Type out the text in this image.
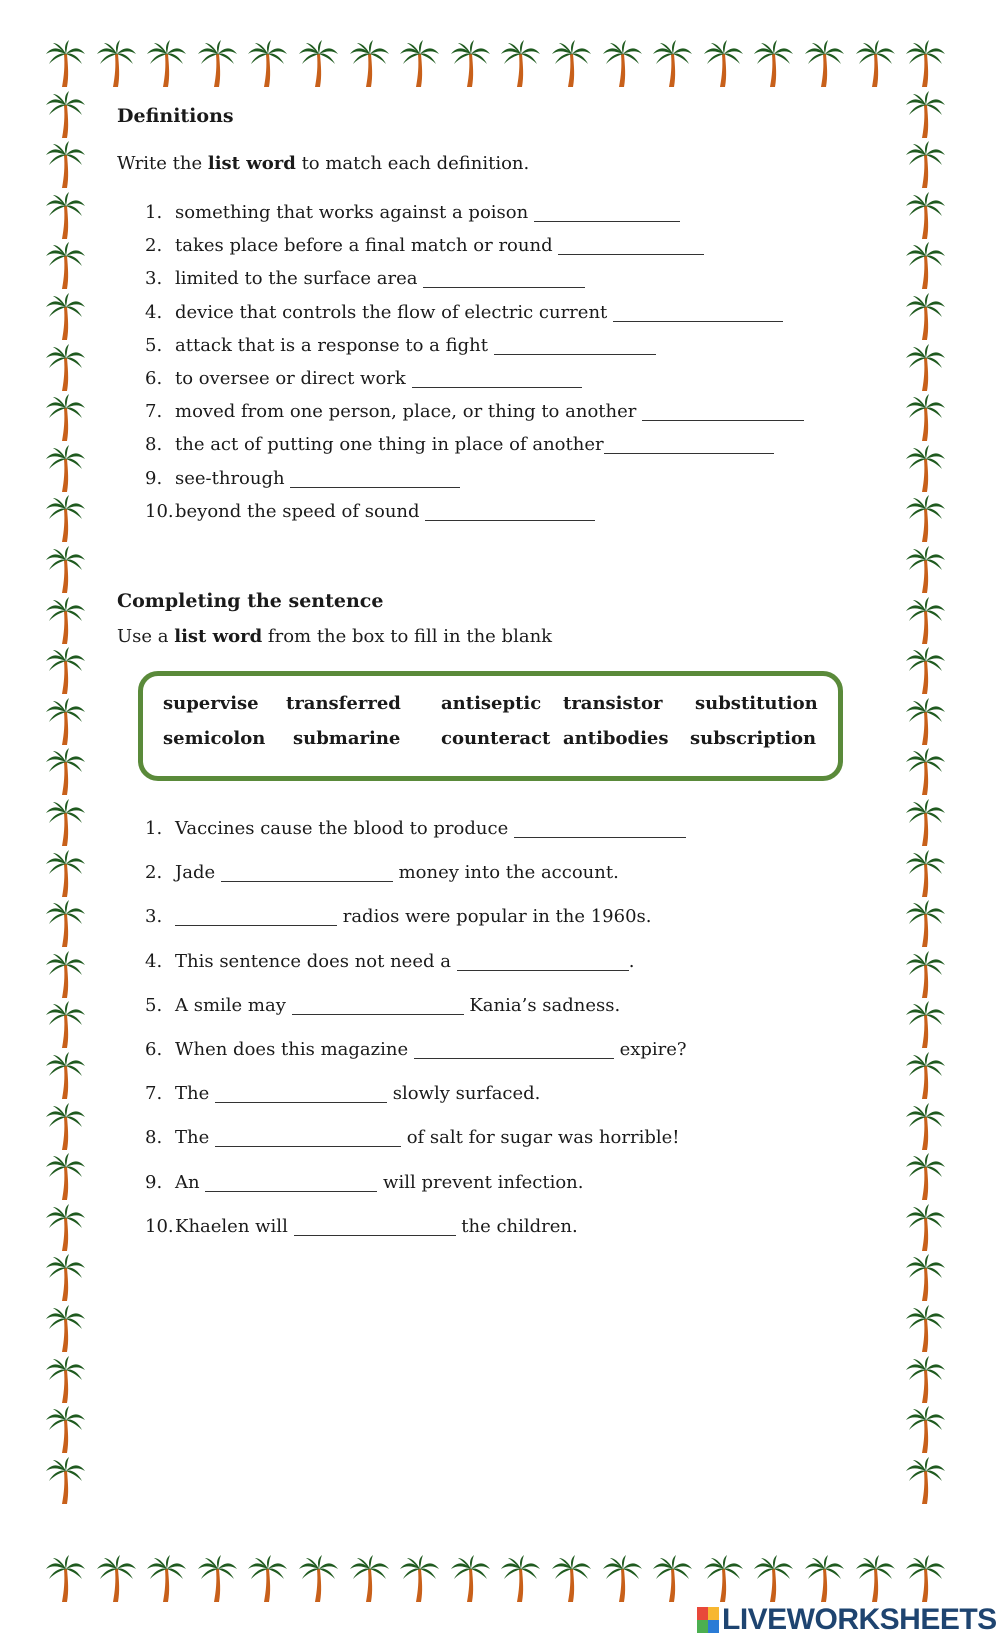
Definitions

Write the list word to match each definition.

1. something that works against a poison
2. takes place before a final match or round
3. limited to the surface area
4. device that controls the flow of electric current
5. attack that is a response to a fight
6. to oversee or direct work
7. moved from one person, place, or thing to another
8. the act of putting one thing in place of another
9. see-through
10. beyond the speed of sound
Completing the sentence

Use a list word from the box to fill in the blank

supervise transferred antiseptic transistor substitution
semicolon submarine counteract antibodies subscription
1. Vaccines cause the blood to produce
2. Jade	money into the account.
3.	radios were popular in the 1960s.
4. This sentence does not need a	.
5. A smile may	Kania’s sadness.
6. When does this magazine	expire?
7. The	slowly surfaced.
8. The	of salt for sugar was horrible!
9. An	will prevent infection.
10. Khaelen will	the children.
LIVEWORKSHEETS
